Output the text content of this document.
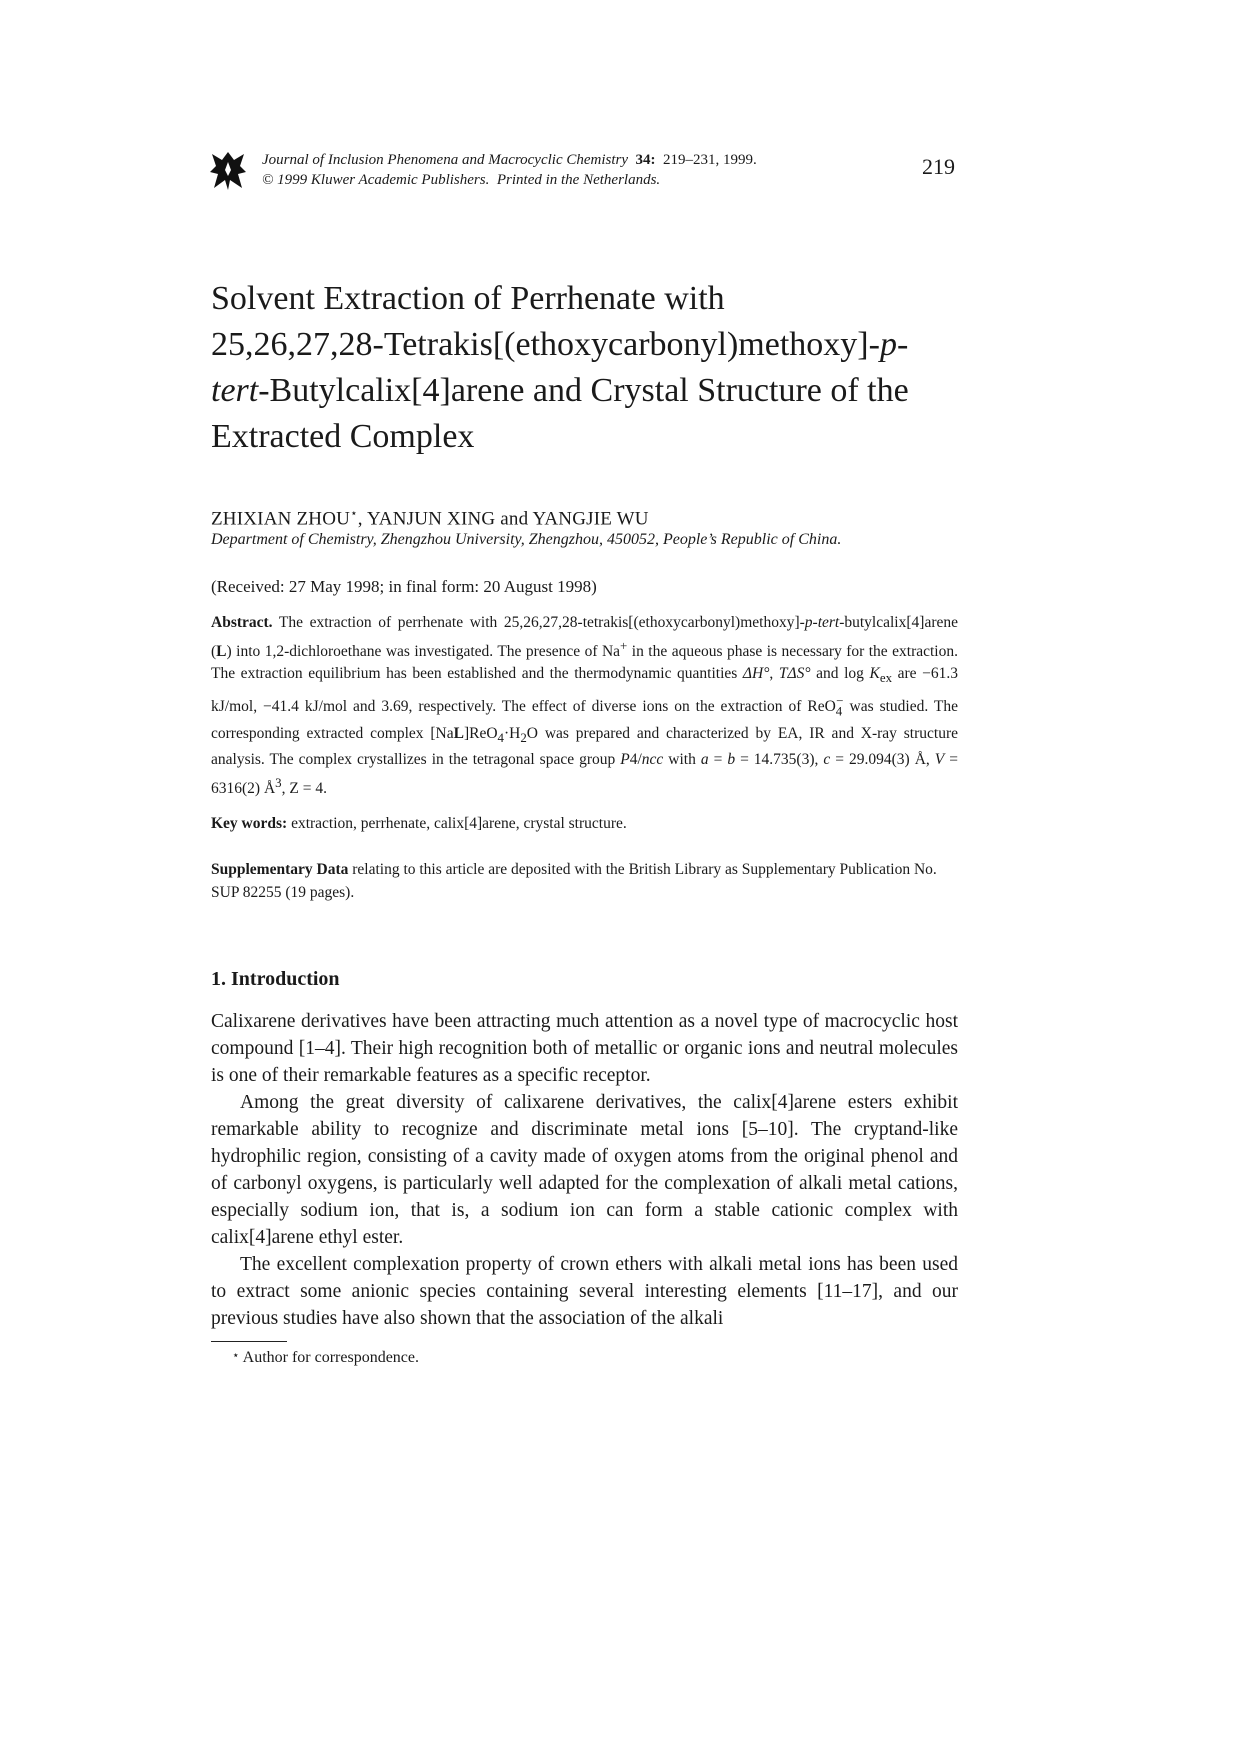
Journal of Inclusion Phenomena and Macrocyclic Chemistry 34: 219–231, 1999.
© 1999 Kluwer Academic Publishers. Printed in the Netherlands.
219
Solvent Extraction of Perrhenate with
25,26,27,28-Tetrakis[(ethoxycarbonyl)methoxy]-p-
tert-Butylcalix[4]arene and Crystal Structure of the
Extracted Complex
ZHIXIAN ZHOU⋆, YANJUN XING and YANGJIE WU
Department of Chemistry, Zhengzhou University, Zhengzhou, 450052, People’s Republic of China.
(Received: 27 May 1998; in final form: 20 August 1998)
Abstract. The extraction of perrhenate with 25,26,27,28-tetrakis[(ethoxycarbonyl)methoxy]-p-tert-butylcalix[4]arene (L) into 1,2-dichloroethane was investigated. The presence of Na+ in the aqueous phase is necessary for the extraction. The extraction equilibrium has been established and the thermodynamic quantities ΔH°, TΔS° and $\log K_{ex}$ are −61.3 kJ/mol, −41.4 kJ/mol and 3.69, respectively. The effect of diverse ions on the extraction of ReO$_4$− was studied. The corresponding extracted complex $[NaL]ReO_4\cdot H_2O$ was prepared and characterized by EA, IR and X-ray structure analysis. The complex crystallizes in the tetragonal space group P4/ncc with a = b = 14.735(3), c = 29.094(3) Å, V = 6316(2) $Å^3$, Z = 4.
Key words: extraction, perrhenate, calix[4]arene, crystal structure.
Supplementary Data relating to this article are deposited with the British Library as Supplementary Publication No. SUP 82255 (19 pages).
1. Introduction

Calixarene derivatives have been attracting much attention as a novel type of macrocyclic host compound [1–4]. Their high recognition both of metallic or organic ions and neutral molecules is one of their remarkable features as a specific receptor.

Among the great diversity of calixarene derivatives, the calix[4]arene esters exhibit remarkable ability to recognize and discriminate metal ions [5–10]. The cryptand-like hydrophilic region, consisting of a cavity made of oxygen atoms from the original phenol and of carbonyl oxygens, is particularly well adapted for the complexation of alkali metal cations, especially sodium ion, that is, a sodium ion can form a stable cationic complex with calix[4]arene ethyl ester.

The excellent complexation property of crown ethers with alkali metal ions has been used to extract some anionic species containing several interesting elements [11–17], and our previous studies have also shown that the association of the alkali

⋆ Author for correspondence.
